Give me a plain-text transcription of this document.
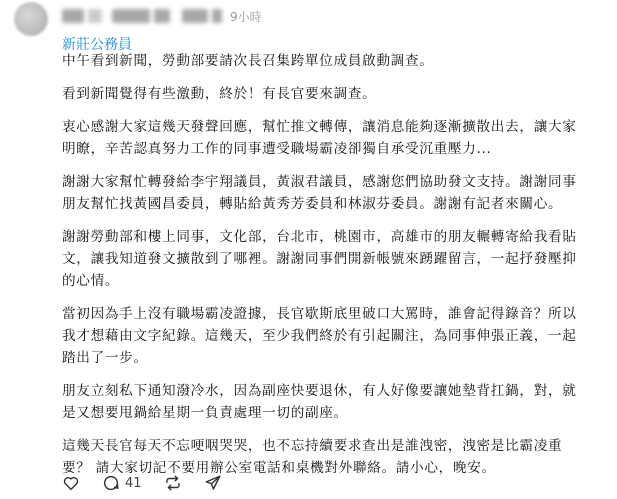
9小時
新莊公務員

中午看到新聞，勞動部要請次長召集跨單位成員啟動調查。

看到新聞覺得有些激動，終於！有長官要來調查。

衷心感謝大家這幾天發聲回應，幫忙推文轉傳，讓消息能夠逐漸擴散出去，讓大家
明瞭，辛苦認真努力工作的同事遭受職場霸凌卻獨自承受沉重壓力...

謝謝大家幫忙轉發給李宇翔議員，黃淑君議員，感謝您們協助發文支持。謝謝同事
朋友幫忙找黃國昌委員，轉貼給黃秀芳委員和林淑芬委員。謝謝有記者來關心。

謝謝勞動部和樓上同事，文化部，台北市，桃園市，高雄市的朋友輾轉寄給我看貼
文，讓我知道發文擴散到了哪裡。謝謝同事們開新帳號來踴躍留言，一起抒發壓抑
的心情。

當初因為手上沒有職場霸凌證據，長官歇斯底里破口大罵時，誰會記得錄音？所以
我才想藉由文字紀錄。這幾天，至少我們終於有引起關注，為同事伸張正義，一起
踏出了一步。

朋友立刻私下通知潑冷水，因為副座快要退休，有人好像要讓她墊背扛鍋，對，就
是又想要甩鍋給星期一負責處理一切的副座。

這幾天長官每天不忘哽咽哭哭，也不忘持續要求查出是誰洩密，洩密是比霸凌重
要？ 請大家切記不要用辦公室電話和桌機對外聯絡。請小心，晚安。

41
